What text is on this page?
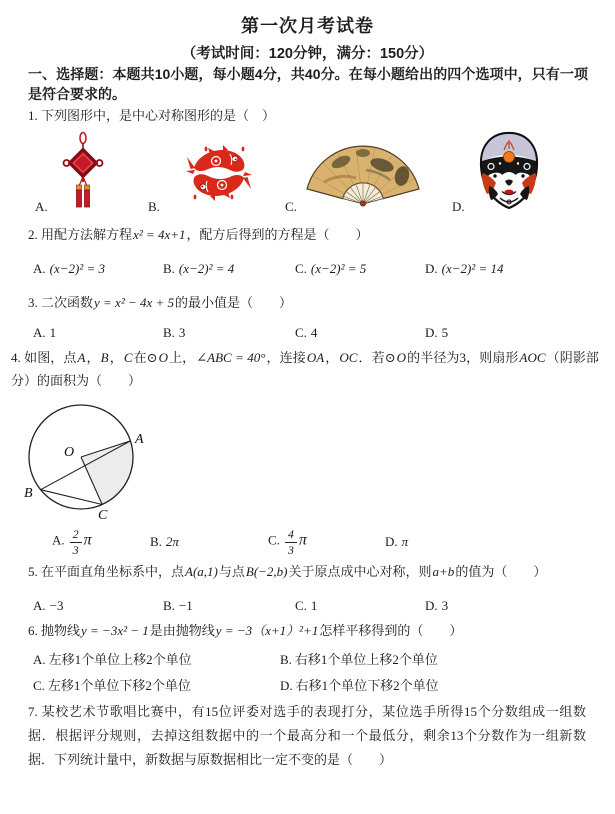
第一次月考试卷
（考试时间：120分钟，满分：150分）
一、选择题：本题共10小题，每小题4分，共40分。在每小题给出的四个选项中，只有一项是符合要求的。
1. 下列图形中，是中心对称图形的是（　）
A.	B.	C.	D.
2. 用配方法解方程x² = 4x+1，配方后得到的方程是（　　）
A. (x−2)² = 3	B. (x−2)² = 4	C. (x−2)² = 5	D. (x−2)² = 14
3. 二次函数y = x² − 4x + 5的最小值是（　　）
A. 1	B. 3	C. 4	D. 5
4. 如图，点A，B，C在⊙O上，∠ABC = 40°，连接OA，OC．若⊙O的半径为3，则扇形AOC（阴影部分）的面积为（　　）
O
A
B
C
A. $\frac{2}{3}$ π	B. 2π	C. $\frac{4}{3}$ π	D. π
5. 在平面直角坐标系中，点A(a,1)与点B(−2,b)关于原点成中心对称，则a+b的值为（　　）
A. −3	B. −1	C. 1	D. 3
6. 抛物线y = −3x² − 1是由抛物线y = −3（x+1）²+1怎样平移得到的（　　）
A. 左移1个单位上移2个单位	B. 右移1个单位上移2个单位
C. 左移1个单位下移2个单位	D. 右移1个单位下移2个单位
7. 某校艺术节歌唱比赛中，有15位评委对选手的表现打分，某位选手所得15个分数组成一组数据．根据评分规则，去掉这组数据中的一个最高分和一个最低分，剩余13个分数作为一组新数据．下列统计量中，新数据与原数据相比一定不变的是（　　）
